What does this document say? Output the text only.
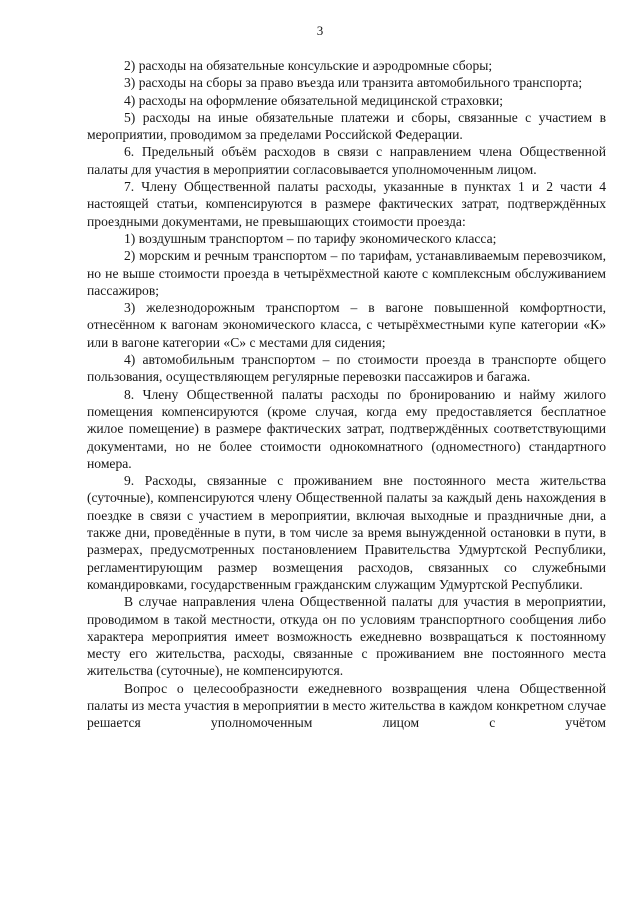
3

2) расходы на обязательные консульские и аэродромные сборы;

3) расходы на сборы за право въезда или транзита автомобильного транспорта;

4) расходы на оформление обязательной медицинской страховки;

5) расходы на иные обязательные платежи и сборы, связанные с участием в мероприятии, проводимом за пределами Российской Федерации.

6. Предельный объём расходов в связи с направлением члена Общественной палаты для участия в мероприятии согласовывается уполномоченным лицом.

7. Члену Общественной палаты расходы, указанные в пунктах 1 и 2 части 4 настоящей статьи, компенсируются в размере фактических затрат, подтверждённых проездными документами, не превышающих стоимости проезда:

1) воздушным транспортом – по тарифу экономического класса;

2) морским и речным транспортом – по тарифам, устанавливаемым перевозчиком, но не выше стоимости проезда в четырёхместной каюте с комплексным обслуживанием пассажиров;

3) железнодорожным транспортом – в вагоне повышенной комфортности, отнесённом к вагонам экономического класса, с четырёхместными купе категории «К» или в вагоне категории «С» с местами для сидения;

4) автомобильным транспортом – по стоимости проезда в транспорте общего пользования, осуществляющем регулярные перевозки пассажиров и багажа.

8. Члену Общественной палаты расходы по бронированию и найму жилого помещения компенсируются (кроме случая, когда ему предоставляется бесплатное жилое помещение) в размере фактических затрат, подтверждённых соответствующими документами, но не более стоимости однокомнатного (одноместного) стандартного номера.

9. Расходы, связанные с проживанием вне постоянного места жительства (суточные), компенсируются члену Общественной палаты за каждый день нахождения в поездке в связи с участием в мероприятии, включая выходные и праздничные дни, а также дни, проведённые в пути, в том числе за время вынужденной остановки в пути, в размерах, предусмотренных постановлением Правительства Удмуртской Республики, регламентирующим размер возмещения расходов, связанных со служебными командировками, государственным гражданским служащим Удмуртской Республики.

В случае направления члена Общественной палаты для участия в мероприятии, проводимом в такой местности, откуда он по условиям транспортного сообщения либо характера мероприятия имеет возможность ежедневно возвращаться к постоянному месту его жительства, расходы, связанные с проживанием вне постоянного места жительства (суточные), не компенсируются.

Вопрос о целесообразности ежедневного возвращения члена Общественной палаты из места участия в мероприятии в место жительства в каждом конкретном случае решается уполномоченным лицом с учётом
